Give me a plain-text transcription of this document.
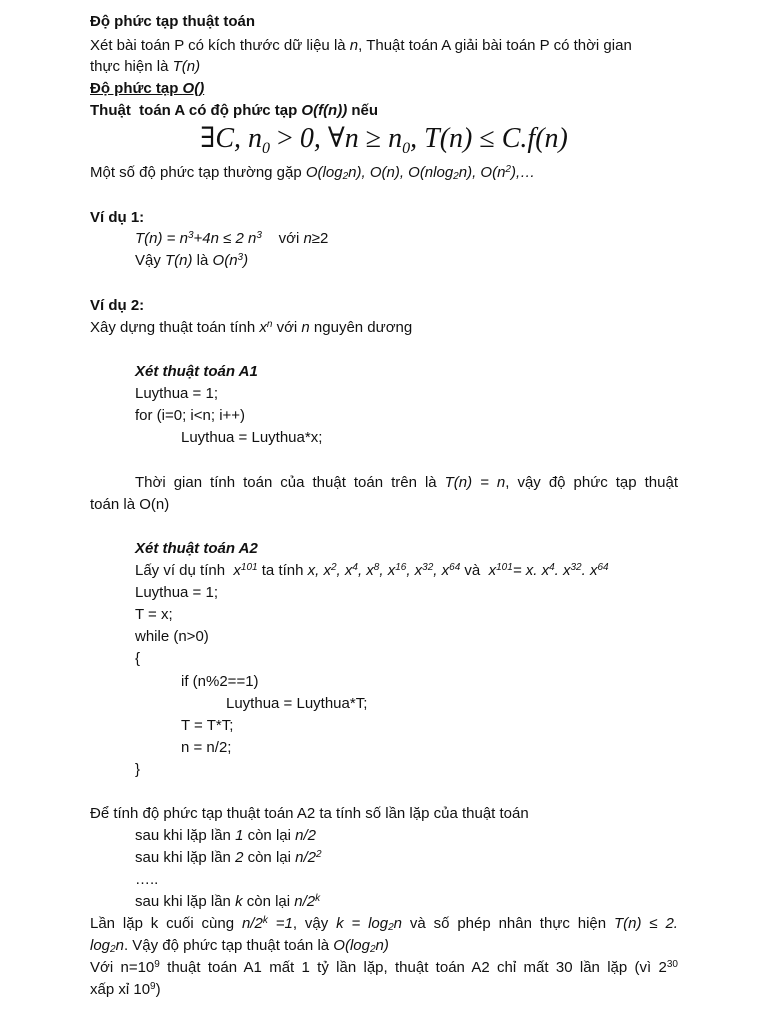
Độ phức tạp thuật toán
Xét bài toán P có kích thước dữ liệu là n, Thuật toán A giải bài toán P có thời gian
thực hiện là T(n)
Độ phức tạp O()
Thuật  toán A có độ phức tạp O(f(n)) nếu
∃C, $n_0 > 0$, ∀n ≥ $n_0$, T(n) ≤ C.f(n)
Một số độ phức tạp thường gặp $O(\log_2n)$, O(n), O(nlog$_2$n), $O(n^2),\dots$
Ví dụ 1:
$T(n) = n^3+4n \le 2$ $n^3$    với n≥2
Vậy T(n) là $O(n^3)$
Ví dụ 2:
Xây dựng thuật toán tính $x^n$ với n nguyên dương
Xét thuật toán A1
Luythua = 1;
for (i=0; i<n; i++)
Luythua = Luythua*x;
Thời gian tính toán của thuật toán trên là T(n) = n, vậy độ phức tạp thuật
toán là O(n)
Xét thuật toán A2
Lấy ví dụ tính  $x^{101}$ ta tính x, $x^2$, $x^4$, $x^8$, $x^{16}$, $x^{32}$, $x^{64}$ và  $x^{101}= x$. $x^4$. $x^{32}$. $x^{64}$
Luythua = 1;
T = x;
while (n>0)
{
if (n%2==1)
Luythua = Luythua*T;
T = T*T;
n = n/2;
}
Để tính độ phức tạp thuật toán A2 ta tính số lần lặp của thuật toán
sau khi lặp lần 1 còn lại n/2
sau khi lặp lần 2 còn lại $n/2^2$
…..
sau khi lặp lần k còn lại n/2$^k$
Lần lặp k cuối cùng $n/2^k =1$, vậy $k = \log_2n$ và số phép nhân thực hiện T(n) ≤ 2.
$\log_2n$. Vậy độ phức tạp thuật toán là $O(\log_2n)$
Với $n=10^9$ thuật toán A1 mất 1 tỷ lần lặp, thuật toán A2 chỉ mất 30 lần lặp (vì $2^{30}$
xấp xỉ $10^9$)
